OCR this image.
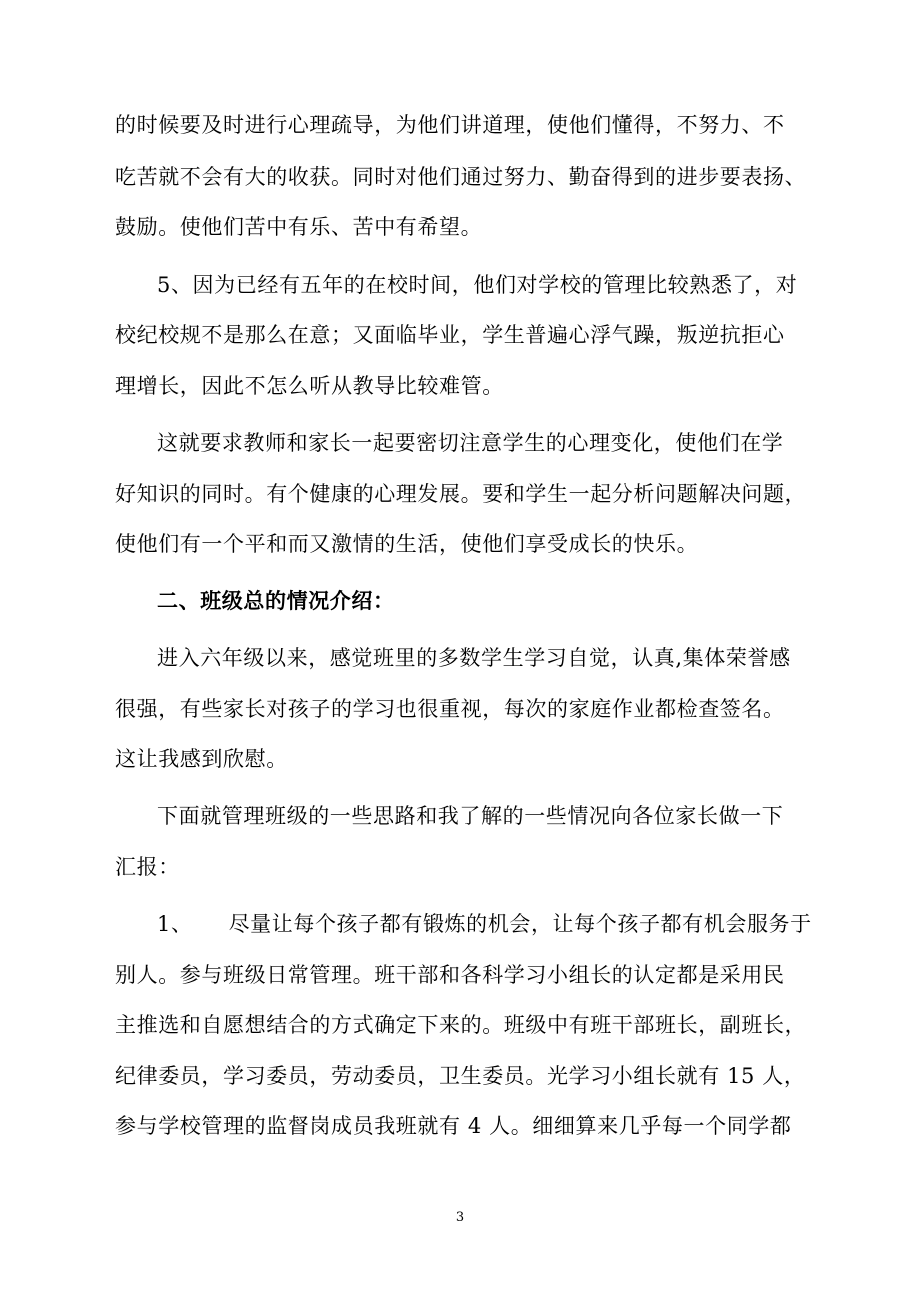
的时候要及时进行心理疏导，为他们讲道理，使他们懂得，不努力、不
吃苦就不会有大的收获。同时对他们通过努力、勤奋得到的进步要表扬、
鼓励。使他们苦中有乐、苦中有希望。
5、因为已经有五年的在校时间，他们对学校的管理比较熟悉了，对
校纪校规不是那么在意；又面临毕业，学生普遍心浮气躁，叛逆抗拒心
理增长，因此不怎么听从教导比较难管。
这就要求教师和家长一起要密切注意学生的心理变化，使他们在学
好知识的同时。有个健康的心理发展。要和学生一起分析问题解决问题，
使他们有一个平和而又激情的生活，使他们享受成长的快乐。
二、班级总的情况介绍：
进入六年级以来，感觉班里的多数学生学习自觉，认真,集体荣誉感
很强，有些家长对孩子的学习也很重视，每次的家庭作业都检查签名。
这让我感到欣慰。
下面就管理班级的一些思路和我了解的一些情况向各位家长做一下
汇报：
1、 尽量让每个孩子都有锻炼的机会，让每个孩子都有机会服务于
别人。参与班级日常管理。班干部和各科学习小组长的认定都是采用民
主推选和自愿想结合的方式确定下来的。班级中有班干部班长，副班长，
纪律委员，学习委员，劳动委员，卫生委员。光学习小组长就有 15 人，
参与学校管理的监督岗成员我班就有 4 人。细细算来几乎每一个同学都
3
